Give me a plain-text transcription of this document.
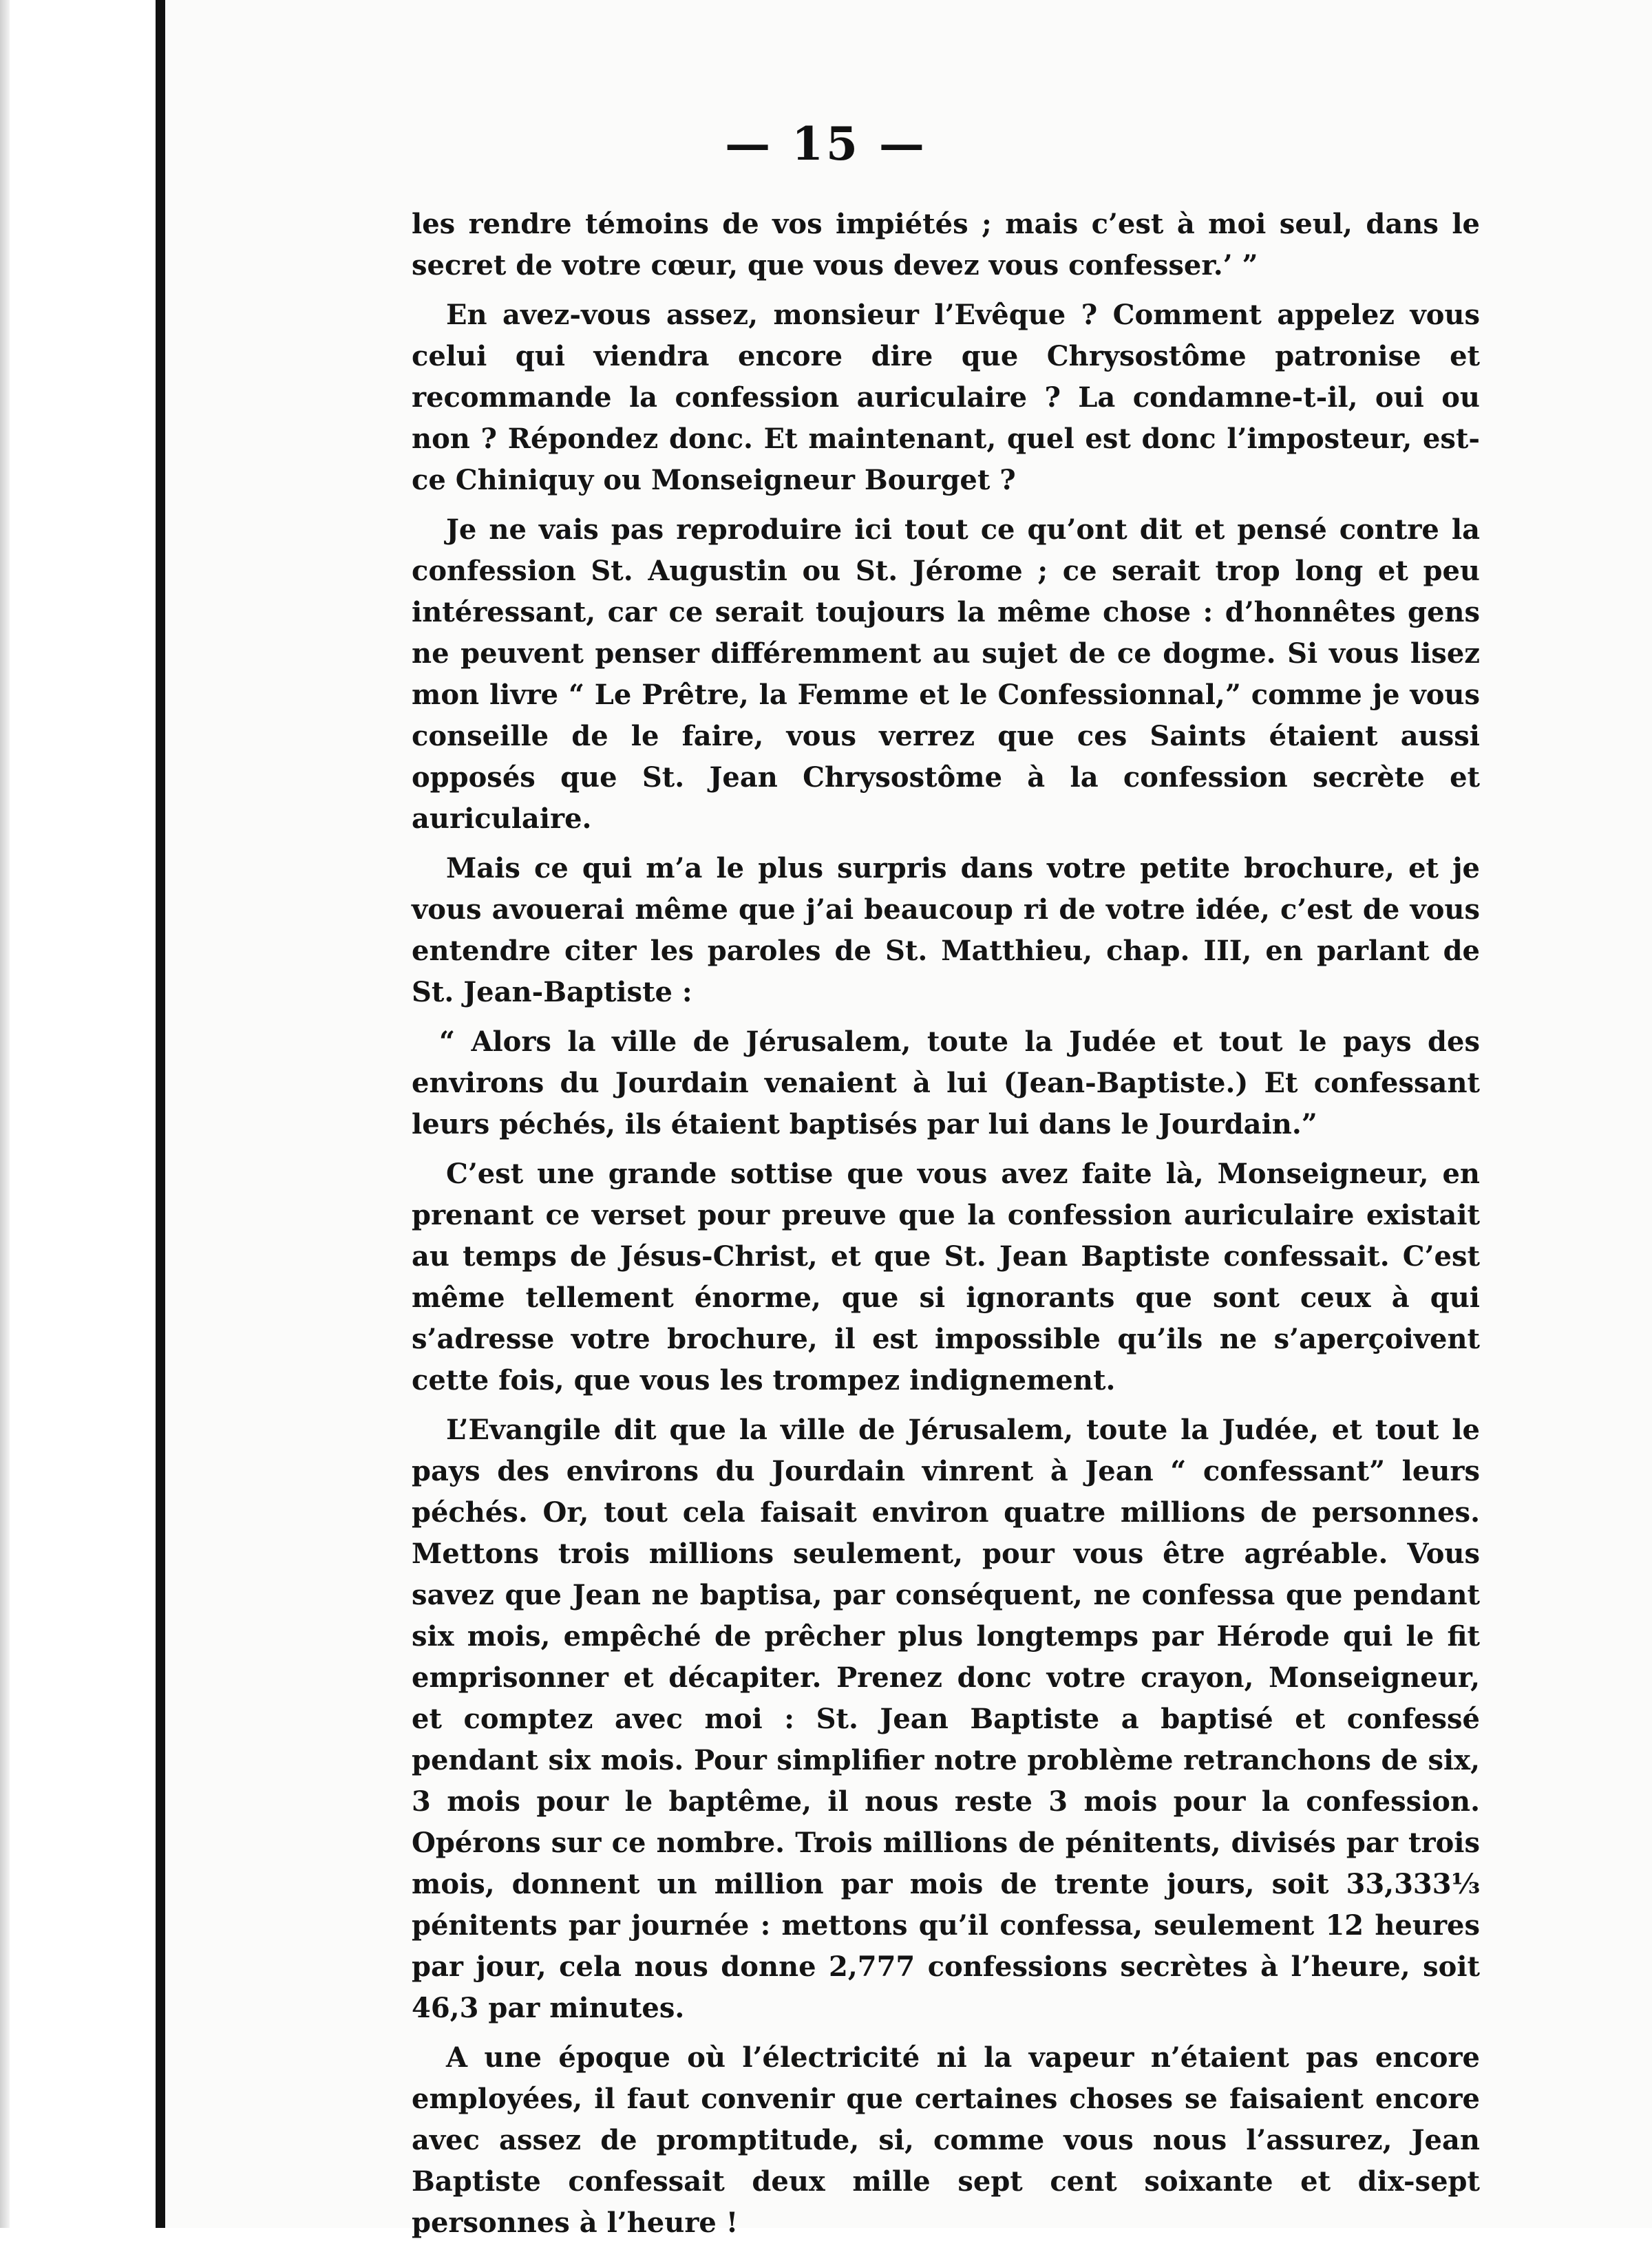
— 15 —

les rendre témoins de vos impiétés ; mais c’est à moi seul, dans le secret de votre cœur, que vous devez vous confesser.’ ”

En avez-vous assez, monsieur l’Evêque ? Comment appelez vous celui qui viendra encore dire que Chrysostôme patronise et recommande la confession auriculaire ? La condamne-t-il, oui ou non ? Répondez donc. Et maintenant, quel est donc l’imposteur, est-ce Chiniquy ou Monseigneur Bourget ?

Je ne vais pas reproduire ici tout ce qu’ont dit et pensé contre la confession St. Augustin ou St. Jérome ; ce serait trop long et peu intéressant, car ce serait toujours la même chose : d’honnêtes gens ne peuvent penser différemment au sujet de ce dogme. Si vous lisez mon livre “ Le Prêtre, la Femme et le Confessionnal,” comme je vous conseille de le faire, vous verrez que ces Saints étaient aussi opposés que St. Jean Chrysostôme à la confession secrète et auriculaire.

Mais ce qui m’a le plus surpris dans votre petite brochure, et je vous avouerai même que j’ai beaucoup ri de votre idée, c’est de vous entendre citer les paroles de St. Matthieu, chap. III, en parlant de St. Jean-Baptiste :

“ Alors la ville de Jérusalem, toute la Judée et tout le pays des environs du Jourdain venaient à lui (Jean-Baptiste.) Et confessant leurs péchés, ils étaient baptisés par lui dans le Jourdain.”

C’est une grande sottise que vous avez faite là, Monseigneur, en prenant ce verset pour preuve que la confession auriculaire existait au temps de Jésus-Christ, et que St. Jean Baptiste confessait. C’est même tellement énorme, que si ignorants que sont ceux à qui s’adresse votre brochure, il est impossible qu’ils ne s’aperçoivent cette fois, que vous les trompez indignement.

L’Evangile dit que la ville de Jérusalem, toute la Judée, et tout le pays des environs du Jourdain vinrent à Jean “ confessant” leurs péchés. Or, tout cela faisait environ quatre millions de personnes. Mettons trois millions seulement, pour vous être agréable. Vous savez que Jean ne baptisa, par conséquent, ne confessa que pendant six mois, empêché de prêcher plus longtemps par Hérode qui le fit emprisonner et décapiter. Prenez donc votre crayon, Monseigneur, et comptez avec moi : St. Jean Baptiste a baptisé et confessé pendant six mois. Pour simplifier notre problème retranchons de six, 3 mois pour le baptême, il nous reste 3 mois pour la confession. Opérons sur ce nombre. Trois millions de pénitents, divisés par trois mois, donnent un million par mois de trente jours, soit 33,333⅓ pénitents par journée : mettons qu’il confessa, seulement 12 heures par jour, cela nous donne 2,777 confessions secrètes à l’heure, soit 46,3 par minutes.

A une époque où l’électricité ni la vapeur n’étaient pas encore employées, il faut convenir que certaines choses se faisaient encore avec assez de promptitude, si, comme vous nous l’assurez, Jean Baptiste confessait deux mille sept cent soixante et dix-sept personnes à l’heure !
